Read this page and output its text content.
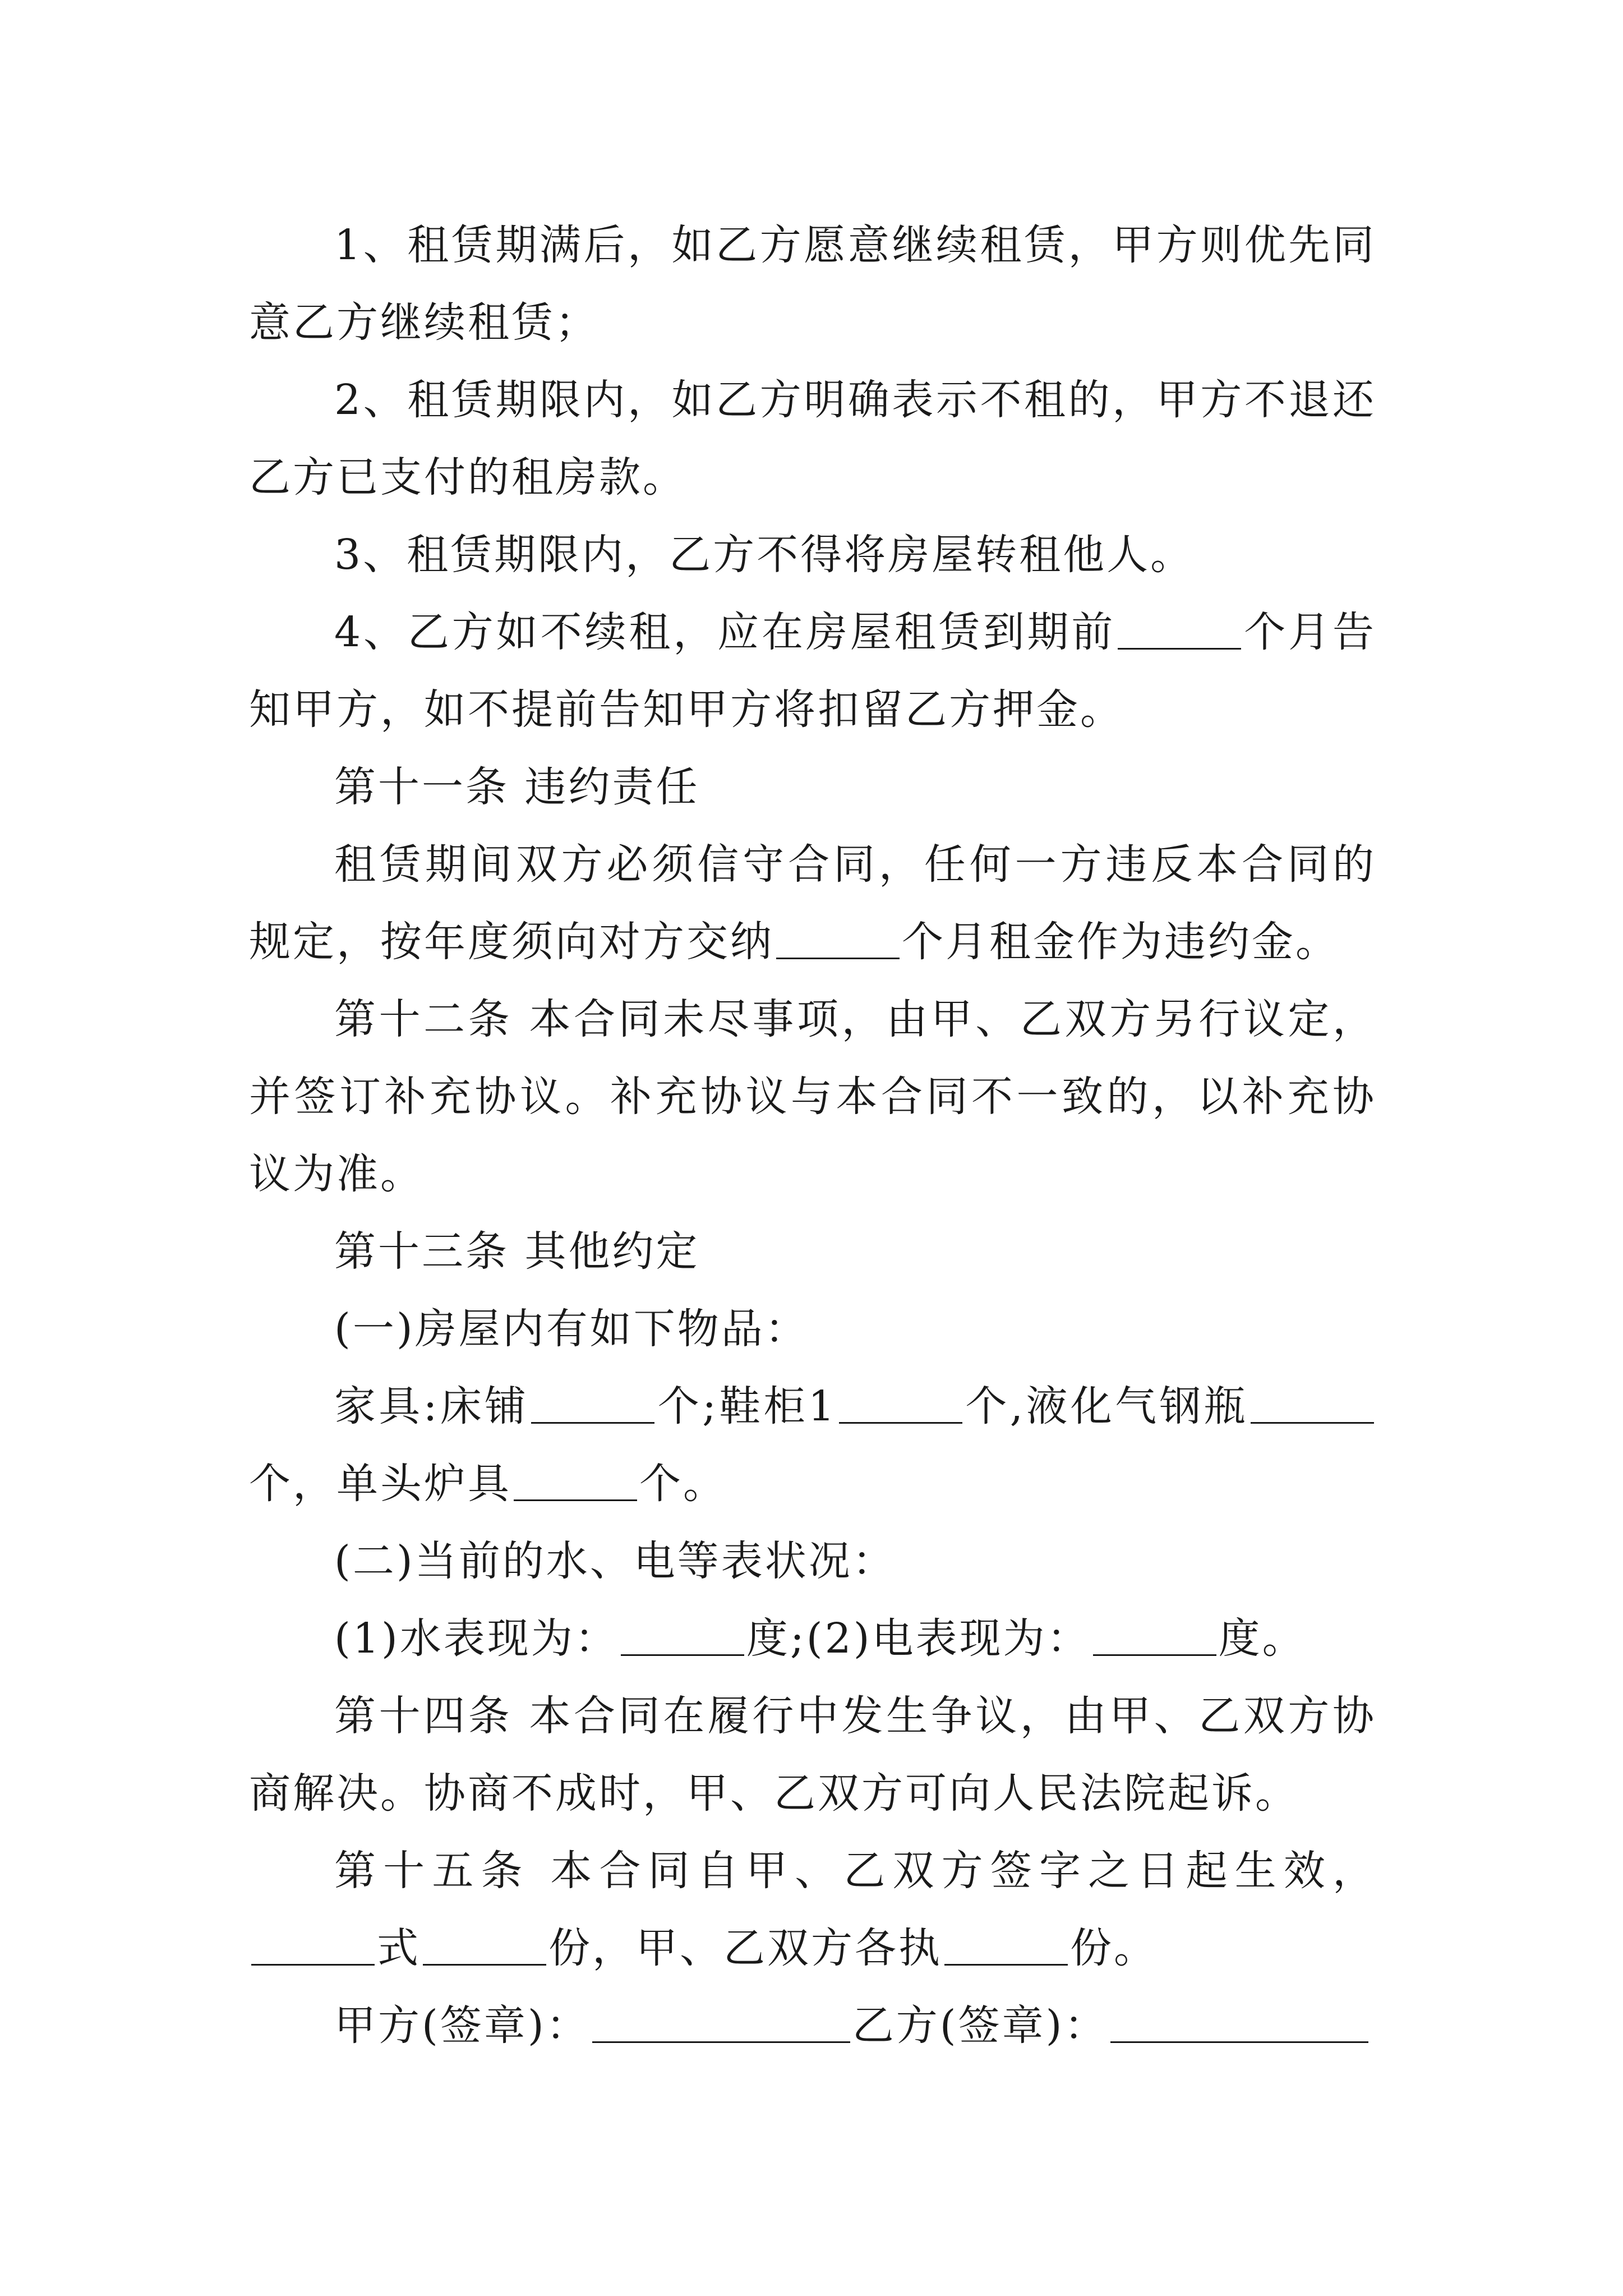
1、租赁期满后，如乙方愿意继续租赁，甲方则优先同意乙方继续租赁；

2、租赁期限内，如乙方明确表示不租的，甲方不退还乙方已支付的租房款。

3、租赁期限内，乙方不得将房屋转租他人。

4、乙方如不续租，应在房屋租赁到期前	个月告知甲方，如不提前告知甲方将扣留乙方押金。

第十一条 违约责任

租赁期间双方必须信守合同，任何一方违反本合同的规定，按年度须向对方交纳	个月租金作为违约金。

第十二条 本合同未尽事项，由甲、乙双方另行议定，并签订补充协议。补充协议与本合同不一致的，以补充协议为准。

第十三条 其他约定

(一)房屋内有如下物品：

家具:床铺	个;鞋柜1	个,液化气钢瓶个，单头炉具	个。

(二)当前的水、电等表状况：

(1)水表现为：	度;(2)电表现为：	度。

第十四条 本合同在履行中发生争议，由甲、乙双方协商解决。协商不成时，甲、乙双方可向人民法院起诉。

第十五条 本合同自甲、乙双方签字之日起生效，式	份，甲、乙双方各执	份。

甲方(签章)：	乙方(签章)：
